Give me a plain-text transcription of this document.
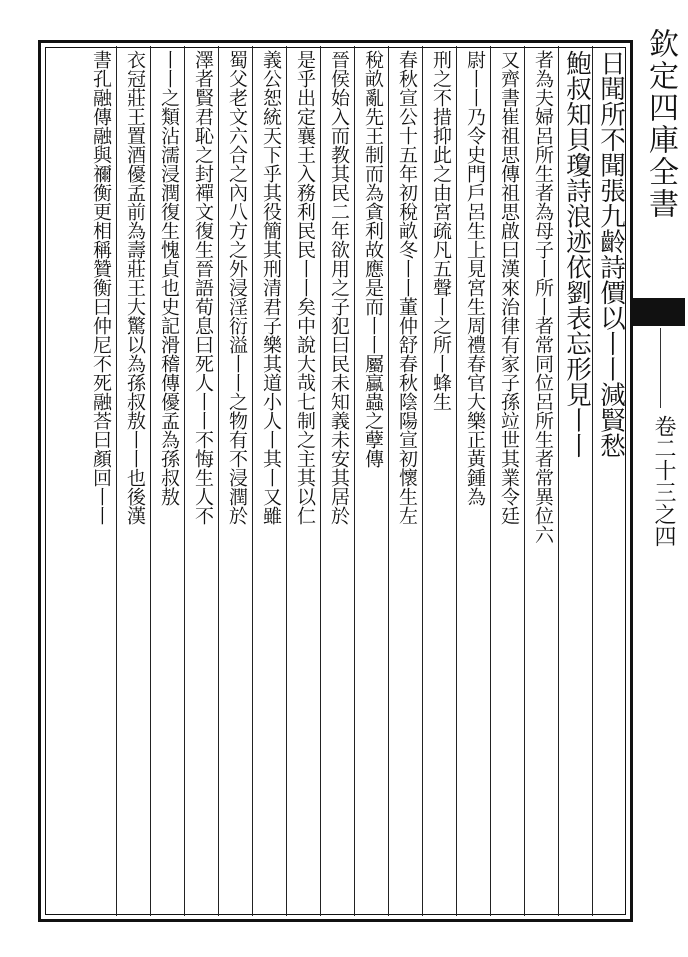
欽定四庫全書
卷二十三之四
日聞所不聞張九齡詩價以丨丨減賢愁
鮑叔知貝瓊詩浪迹依劉表忘形見丨丨
者為夫婦呂所生者為母子丨所丨者常同位呂所生者常異位六
又齊書崔祖思傳祖思啟曰漢來治律有家子孫竝世其業令廷
尉丨丨乃令史門戶呂生上見宮生周禮春官大樂正黃鍾為
刑之不措抑此之由宮疏凡五聲丨之所丨蜂生
春秋宣公十五年初稅畝冬丨丨董仲舒春秋陰陽宣初懷生左
稅畝亂先王制而為貪利故應是而丨丨屬蠃蟲之孽傳
晉侯始入而教其民二年欲用之子犯曰民未知義未安其居於
是乎出定襄王入務利民民丨丨矣中說大哉七制之主其以仁
義公恕統天下乎其役簡其刑清君子樂其道小人丨其丨又雖
蜀父老文六合之內八方之外浸淫衍溢丨丨之物有不浸潤於
澤者賢君恥之封禪文復生晉語荀息曰死人丨丨不悔生人不
丨丨之類沾濡浸潤復生愧貞也史記滑稽傳優孟為孫叔敖
衣冠莊王置酒優孟前為壽莊王大驚以為孫叔敖丨丨也後漢
書孔融傳融與禰衡更相稱贊衡曰仲尼不死融荅曰顏回丨丨
